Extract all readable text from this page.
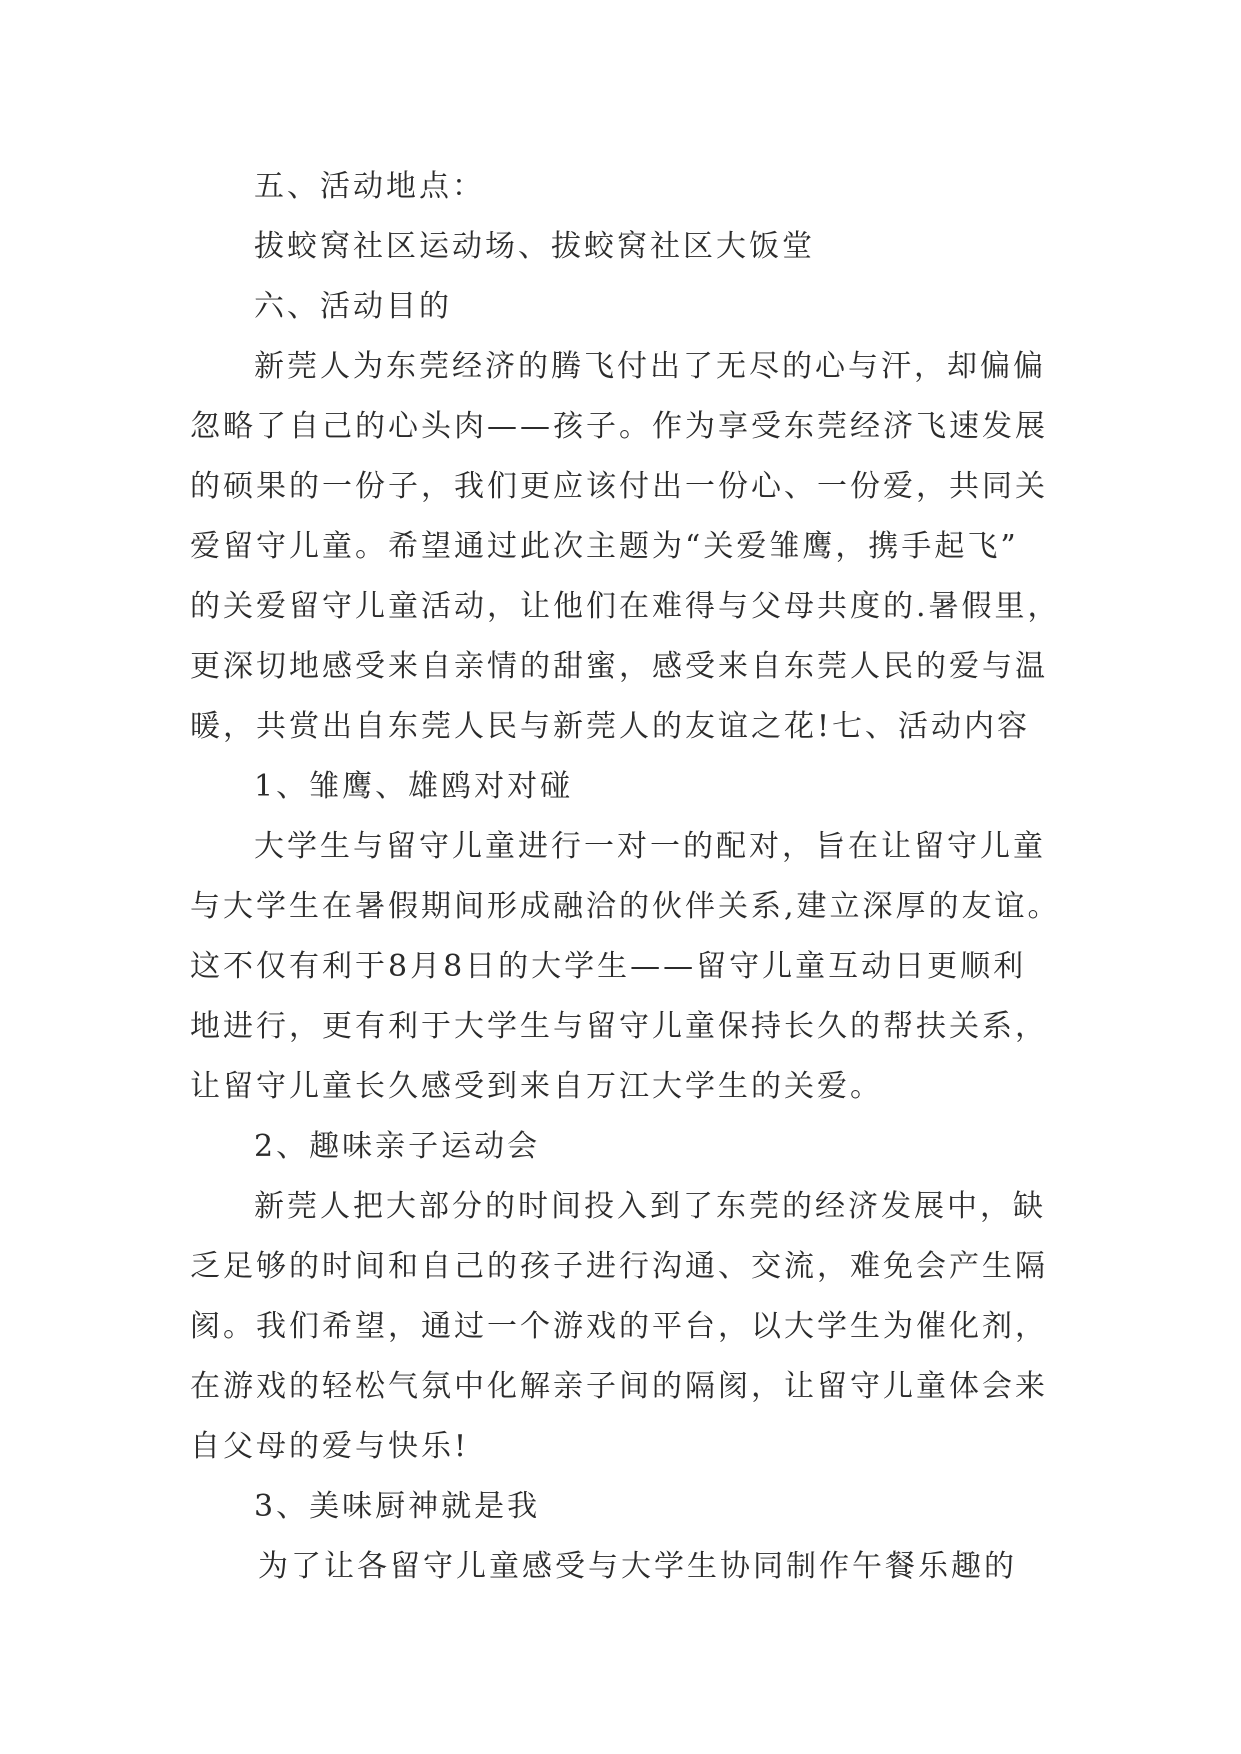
五、活动地点：
拔蛟窝社区运动场、拔蛟窝社区大饭堂
六、活动目的
新莞人为东莞经济的腾飞付出了无尽的心与汗，却偏偏
忽略了自己的心头肉——孩子。作为享受东莞经济飞速发展
的硕果的一份子，我们更应该付出一份心、一份爱，共同关
爱留守儿童。希望通过此次主题为“关爱雏鹰，携手起飞”
的关爱留守儿童活动，让他们在难得与父母共度的.暑假里，
更深切地感受来自亲情的甜蜜，感受来自东莞人民的爱与温
暖，共赏出自东莞人民与新莞人的友谊之花!七、活动内容
1、雏鹰、雄鸥对对碰
大学生与留守儿童进行一对一的配对，旨在让留守儿童
与大学生在暑假期间形成融洽的伙伴关系,建立深厚的友谊。
这不仅有利于8月8日的大学生——留守儿童互动日更顺利
地进行，更有利于大学生与留守儿童保持长久的帮扶关系，
让留守儿童长久感受到来自万江大学生的关爱。
2、趣味亲子运动会
新莞人把大部分的时间投入到了东莞的经济发展中，缺
乏足够的时间和自己的孩子进行沟通、交流，难免会产生隔
阂。我们希望，通过一个游戏的平台，以大学生为催化剂，
在游戏的轻松气氛中化解亲子间的隔阂，让留守儿童体会来
自父母的爱与快乐!
3、美味厨神就是我
为了让各留守儿童感受与大学生协同制作午餐乐趣的
